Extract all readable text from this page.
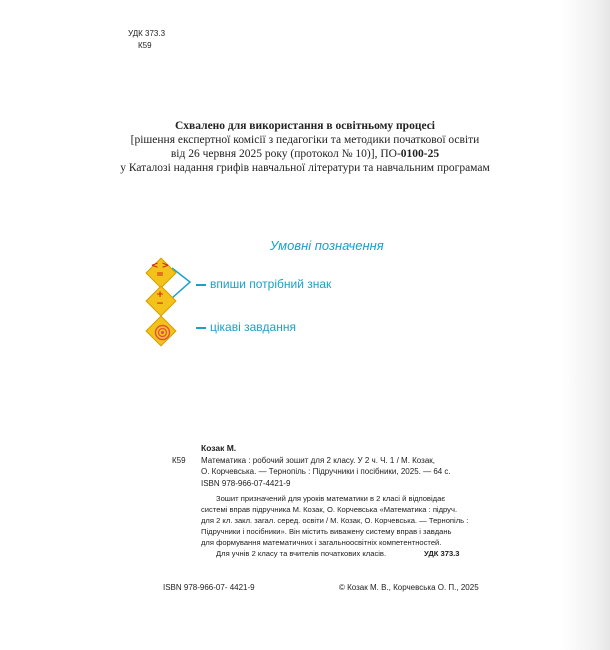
УДК 373.3
К59
Схвалено для використання в освітньому процесі
[рішення експертної комісії з педагогіки та методики початкової освіти
від 26 червня 2025 року (протокол № 10)], ПО-0100-25
у Каталозі надання грифів навчальної літератури та навчальним програмам
Умовні позначення
< >
=
+
−
впиши потрібний знак
цікаві завдання
Козак М.
К59 Математика : робочий зошит для 2 класу. У 2 ч. Ч. 1 / М. Козак,
О. Корчевська. — Тернопіль : Підручники і посібники, 2025. — 64 с.
ISBN 978-966-07-4421-9
Зошит призначений для уроків математики в 2 класі й відповідає
системі вправ підручника М. Козак, О. Корчевська «Математика : підруч.
для 2 кл. закл. загал. серед. освіти / М. Козак, О. Корчевська. — Тернопіль :
Підручники і посібники». Він містить виважену систему вправ і завдань
для формування математичних і загальноосвітніх компетентностей.
Для учнів 2 класу та вчителів початкових класів.	УДК 373.3
ISBN 978-966-07- 4421-9	© Козак М. В., Корчевська О. П., 2025
